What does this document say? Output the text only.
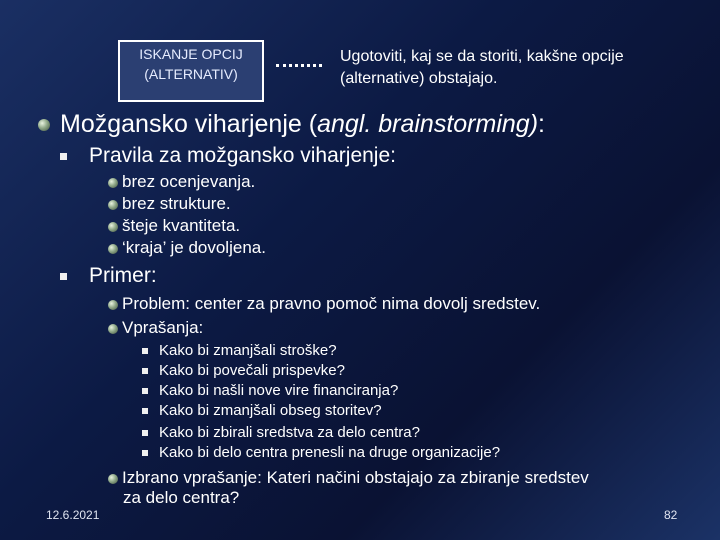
ISKANJE OPCIJ (ALTERNATIV)
Ugotoviti, kaj se da storiti, kakšne opcije (alternative) obstajajo.
Možgansko viharjenje (angl. brainstorming):
Pravila za možgansko viharjenje:
brez ocenjevanja.
brez strukture.
šteje kvantiteta.
‘kraja’ je dovoljena.
Primer:
Problem: center za pravno pomoč nima dovolj sredstev.
Vprašanja:
Kako bi zmanjšali stroške?
Kako bi povečali prispevke?
Kako bi našli nove vire financiranja?
Kako bi zmanjšali obseg storitev?
Kako bi zbirali sredstva za delo centra?
Kako bi delo centra prenesli na druge organizacije?
Izbrano vprašanje: Kateri načini obstajajo za zbiranje sredstev
za delo centra?
12.6.2021	82
